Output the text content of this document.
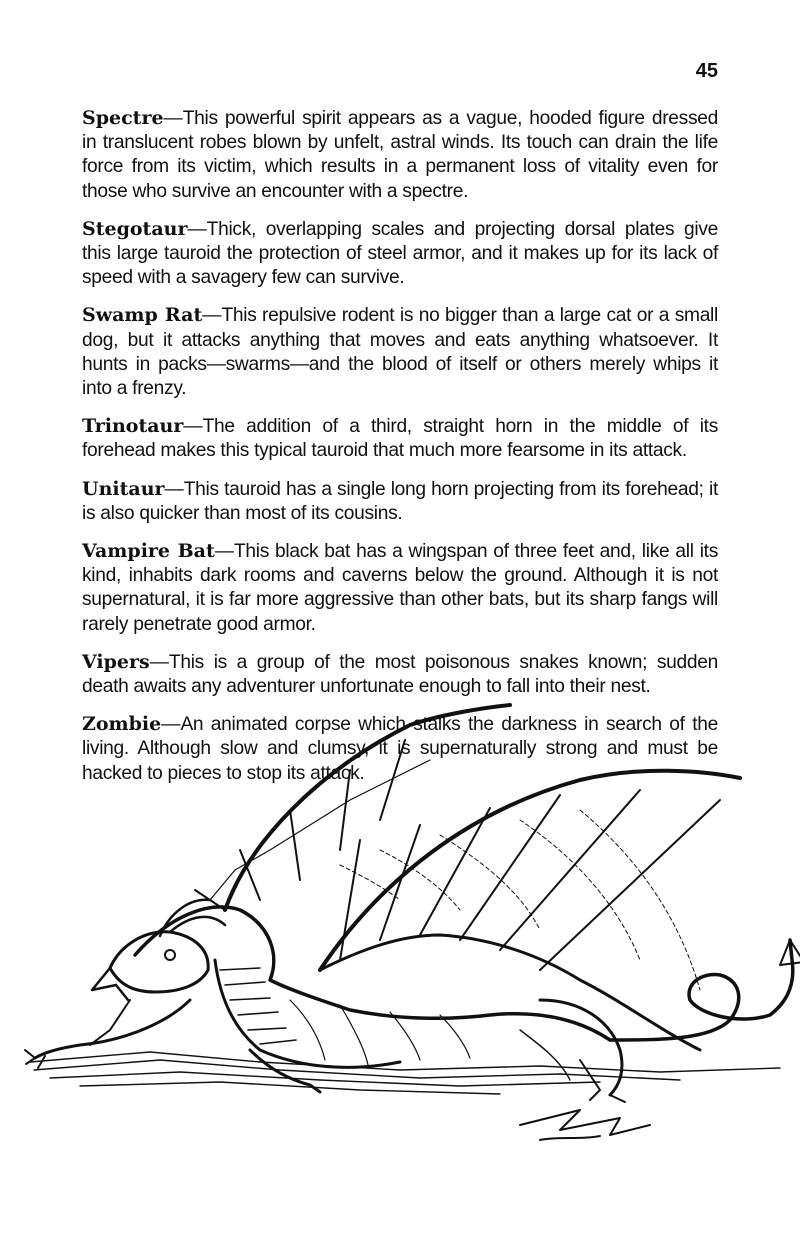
45

Spectre—This powerful spirit appears as a vague, hooded figure dressed in translucent robes blown by unfelt, astral winds. Its touch can drain the life force from its victim, which results in a permanent loss of vitality even for those who survive an encounter with a spectre.

Stegotaur—Thick, overlapping scales and projecting dorsal plates give this large tauroid the protection of steel armor, and it makes up for its lack of speed with a savagery few can survive.

Swamp Rat—This repulsive rodent is no bigger than a large cat or a small dog, but it attacks anything that moves and eats anything whatsoever. It hunts in packs—swarms—and the blood of itself or others merely whips it into a frenzy.

Trinotaur—The addition of a third, straight horn in the middle of its forehead makes this typical tauroid that much more fearsome in its attack.

Unitaur—This tauroid has a single long horn projecting from its forehead; it is also quicker than most of its cousins.

Vampire Bat—This black bat has a wingspan of three feet and, like all its kind, inhabits dark rooms and caverns below the ground. Although it is not supernatural, it is far more aggressive than other bats, but its sharp fangs will rarely penetrate good armor.

Vipers—This is a group of the most poisonous snakes known; sudden death awaits any adventurer unfortunate enough to fall into their nest.

Zombie—An animated corpse which stalks the darkness in search of the living. Although slow and clumsy, it is supernaturally strong and must be hacked to pieces to stop its attack.
